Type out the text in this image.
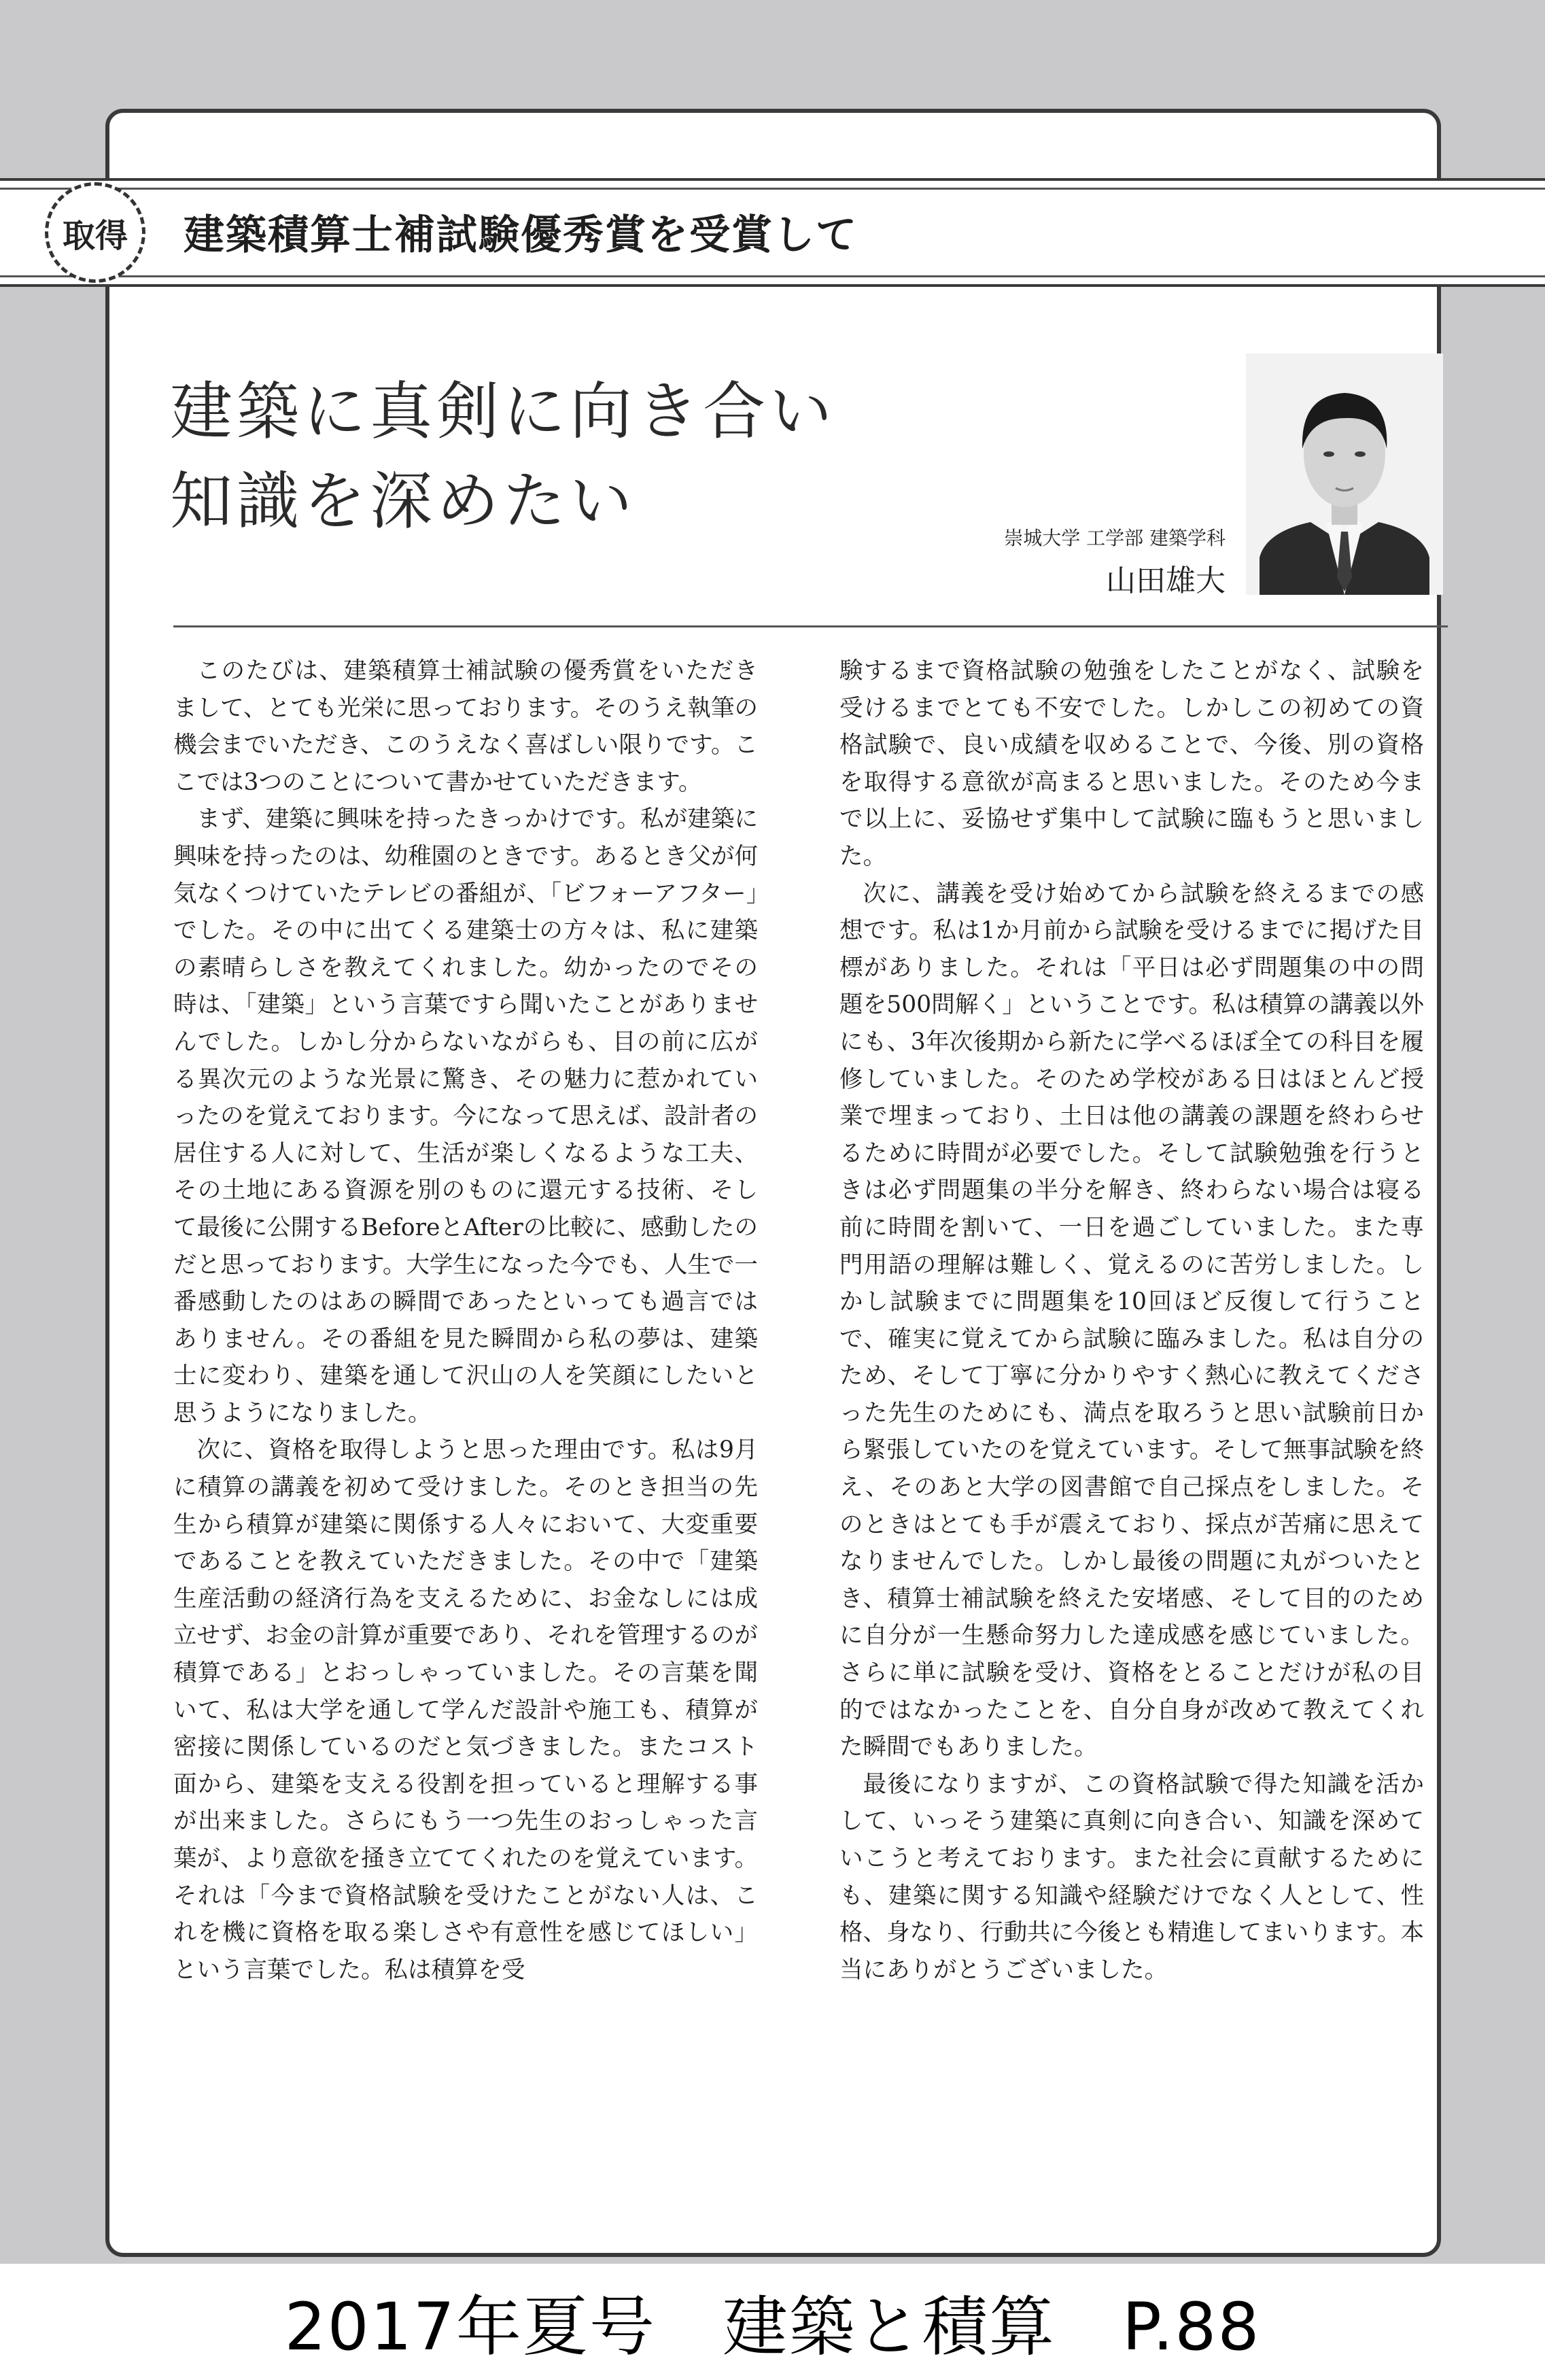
取得	建築積算士補試験優秀賞を受賞して
建築に真剣に向き合い
知識を深めたい
崇城大学 工学部 建築学科
山田雄大

このたびは、建築積算士補試験の優秀賞をいただきまして、とても光栄に思っております。そのうえ執筆の機会までいただき、このうえなく喜ばしい限りです。ここでは3つのことについて書かせていただきます。

まず、建築に興味を持ったきっかけです。私が建築に興味を持ったのは、幼稚園のときです。あるとき父が何気なくつけていたテレビの番組が、「ビフォーアフター」でした。その中に出てくる建築士の方々は、私に建築の素晴らしさを教えてくれました。幼かったのでその時は、「建築」という言葉ですら聞いたことがありませんでした。しかし分からないながらも、目の前に広がる異次元のような光景に驚き、その魅力に惹かれていったのを覚えております。今になって思えば、設計者の居住する人に対して、生活が楽しくなるような工夫、その土地にある資源を別のものに還元する技術、そして最後に公開するBeforeとAfterの比較に、感動したのだと思っております。大学生になった今でも、人生で一番感動したのはあの瞬間であったといっても過言ではありません。その番組を見た瞬間から私の夢は、建築士に変わり、建築を通して沢山の人を笑顔にしたいと思うようになりました。

次に、資格を取得しようと思った理由です。私は9月に積算の講義を初めて受けました。そのとき担当の先生から積算が建築に関係する人々において、大変重要であることを教えていただきました。その中で「建築生産活動の経済行為を支えるために、お金なしには成立せず、お金の計算が重要であり、それを管理するのが積算である」とおっしゃっていました。その言葉を聞いて、私は大学を通して学んだ設計や施工も、積算が密接に関係しているのだと気づきました。またコスト面から、建築を支える役割を担っていると理解する事が出来ました。さらにもう一つ先生のおっしゃった言葉が、より意欲を掻き立ててくれたのを覚えています。それは「今まで資格試験を受けたことがない人は、これを機に資格を取る楽しさや有意性を感じてほしい」という言葉でした。私は積算を受

験するまで資格試験の勉強をしたことがなく、試験を受けるまでとても不安でした。しかしこの初めての資格試験で、良い成績を収めることで、今後、別の資格を取得する意欲が高まると思いました。そのため今まで以上に、妥協せず集中して試験に臨もうと思いました。

次に、講義を受け始めてから試験を終えるまでの感想です。私は1か月前から試験を受けるまでに掲げた目標がありました。それは「平日は必ず問題集の中の問題を500問解く」ということです。私は積算の講義以外にも、3年次後期から新たに学べるほぼ全ての科目を履修していました。そのため学校がある日はほとんど授業で埋まっており、土日は他の講義の課題を終わらせるために時間が必要でした。そして試験勉強を行うときは必ず問題集の半分を解き、終わらない場合は寝る前に時間を割いて、一日を過ごしていました。また専門用語の理解は難しく、覚えるのに苦労しました。しかし試験までに問題集を10回ほど反復して行うことで、確実に覚えてから試験に臨みました。私は自分のため、そして丁寧に分かりやすく熱心に教えてくださった先生のためにも、満点を取ろうと思い試験前日から緊張していたのを覚えています。そして無事試験を終え、そのあと大学の図書館で自己採点をしました。そのときはとても手が震えており、採点が苦痛に思えてなりませんでした。しかし最後の問題に丸がついたとき、積算士補試験を終えた安堵感、そして目的のために自分が一生懸命努力した達成感を感じていました。さらに単に試験を受け、資格をとることだけが私の目的ではなかったことを、自分自身が改めて教えてくれた瞬間でもありました。

最後になりますが、この資格試験で得た知識を活かして、いっそう建築に真剣に向き合い、知識を深めていこうと考えております。また社会に貢献するためにも、建築に関する知識や経験だけでなく人として、性格、身なり、行動共に今後とも精進してまいります。本当にありがとうございました。

2017年夏号　建築と積算　P.88
